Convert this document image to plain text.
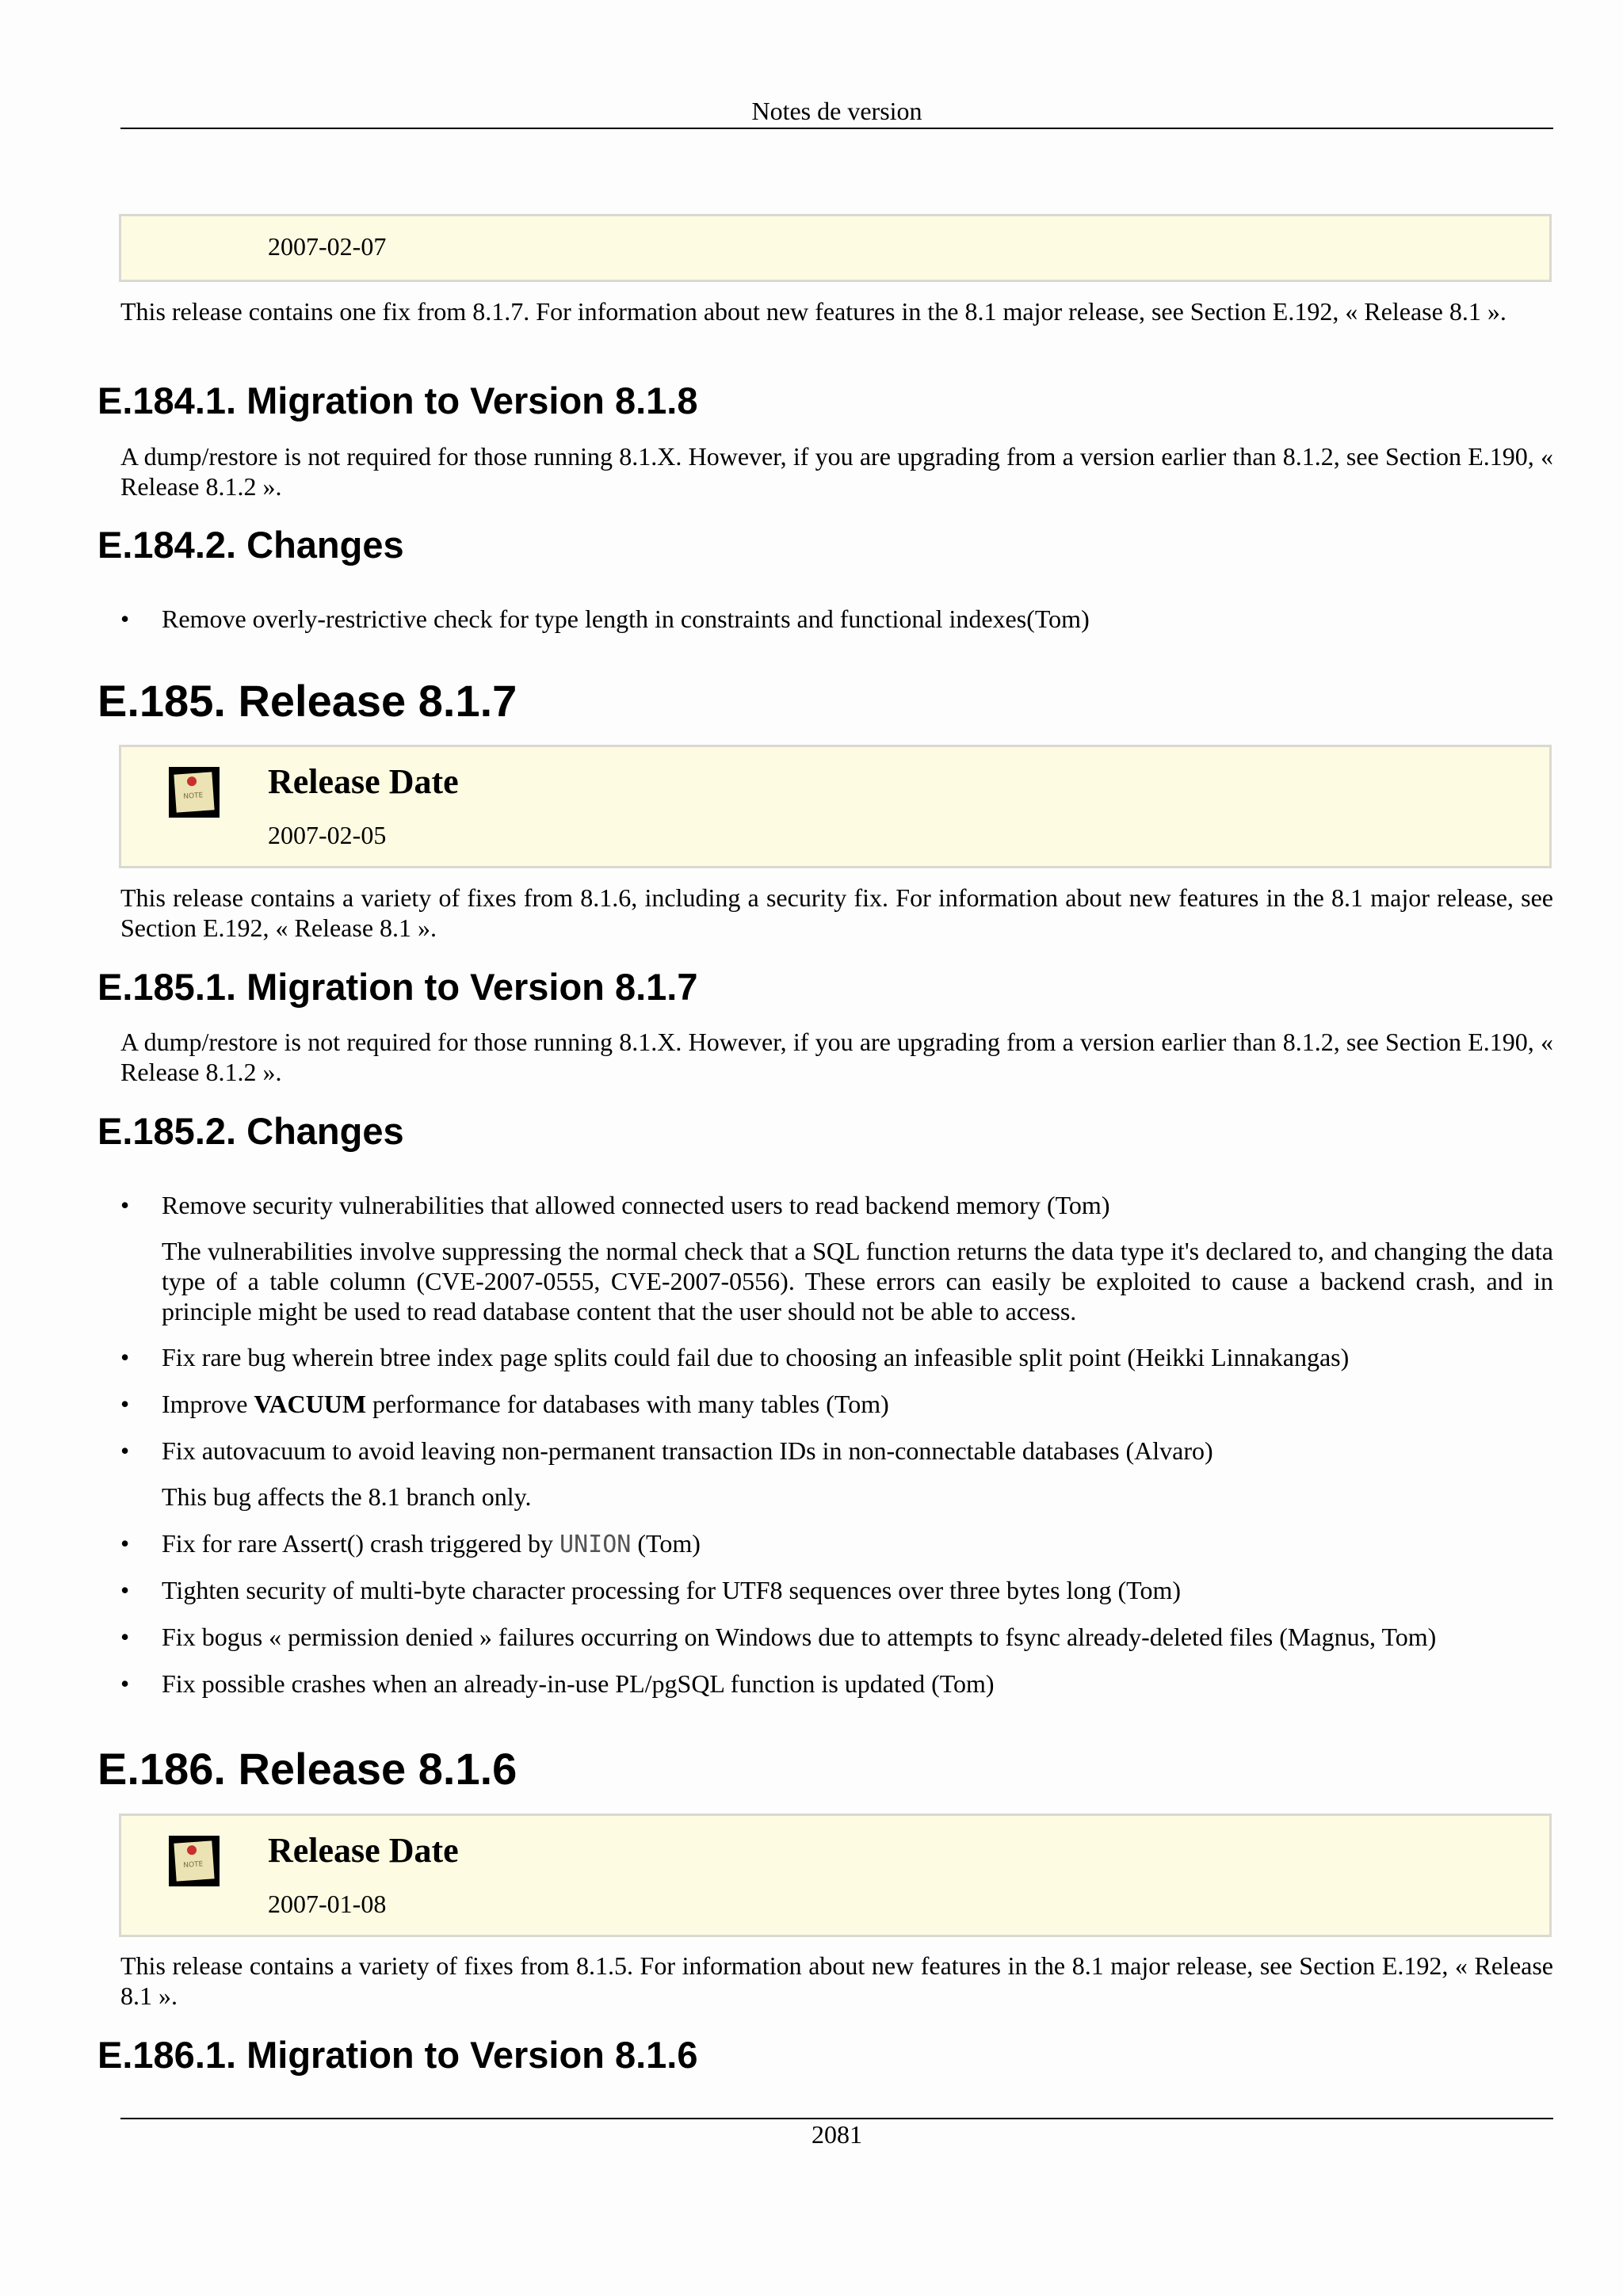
Notes de version
2007-02-07

This release contains one fix from 8.1.7. For information about new features in the 8.1 major release, see Section E.192, « Release 8.1 ».

E.184.1. Migration to Version 8.1.8

A dump/restore is not required for those running 8.1.X. However, if you are upgrading from a version earlier than 8.1.2, see Section E.190, « Release 8.1.2 ».

E.184.2. Changes
• Remove overly-restrictive check for type length in constraints and functional indexes(Tom)
E.185. Release 8.1.7
NOTE Release Date
2007-02-05

This release contains a variety of fixes from 8.1.6, including a security fix. For information about new features in the 8.1 major release, see Section E.192, « Release 8.1 ».

E.185.1. Migration to Version 8.1.7

A dump/restore is not required for those running 8.1.X. However, if you are upgrading from a version earlier than 8.1.2, see Section E.190, « Release 8.1.2 ».

E.185.2. Changes
• Remove security vulnerabilities that allowed connected users to read backend memory (Tom)

The vulnerabilities involve suppressing the normal check that a SQL function returns the data type it's declared to, and changing the data type of a table column (CVE-2007-0555, CVE-2007-0556). These errors can easily be exploited to cause a backend crash, and in principle might be used to read database content that the user should not be able to access.

• Fix rare bug wherein btree index page splits could fail due to choosing an infeasible split point (Heikki Linnakangas)
• Improve VACUUM performance for databases with many tables (Tom)
• Fix autovacuum to avoid leaving non-permanent transaction IDs in non-connectable databases (Alvaro)

This bug affects the 8.1 branch only.

• Fix for rare Assert() crash triggered by UNION (Tom)
• Tighten security of multi-byte character processing for UTF8 sequences over three bytes long (Tom)
• Fix bogus « permission denied » failures occurring on Windows due to attempts to fsync already-deleted files (Magnus, Tom)
• Fix possible crashes when an already-in-use PL/pgSQL function is updated (Tom)
E.186. Release 8.1.6
NOTE Release Date
2007-01-08

This release contains a variety of fixes from 8.1.5. For information about new features in the 8.1 major release, see Section E.192, « Release 8.1 ».

E.186.1. Migration to Version 8.1.6
2081
